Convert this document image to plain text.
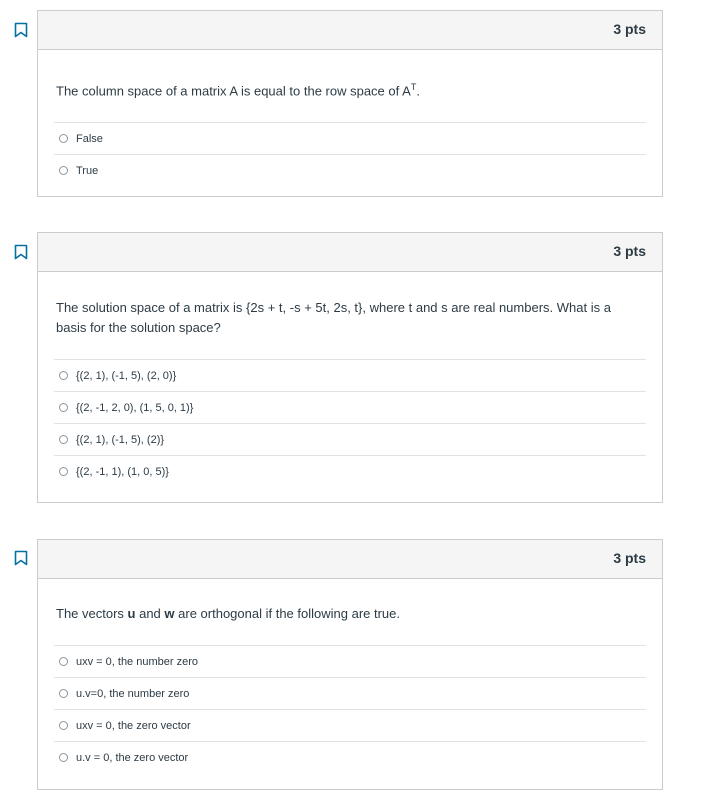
3 pts
The column space of a matrix A is equal to the row space of $A^T$.
False
True
3 pts
The solution space of a matrix is {2s + t, -s + 5t, 2s, t}, where t and s are real numbers. What is a basis for the solution space?
{(2, 1), (-1, 5), (2, 0)}
{(2, -1, 2, 0), (1, 5, 0, 1)}
{(2, 1), (-1, 5), (2)}
{(2, -1, 1), (1, 0, 5)}
3 pts
The vectors u and w are orthogonal if the following are true.
uxv = 0, the number zero
u.v=0, the number zero
uxv = 0, the zero vector
u.v = 0, the zero vector
